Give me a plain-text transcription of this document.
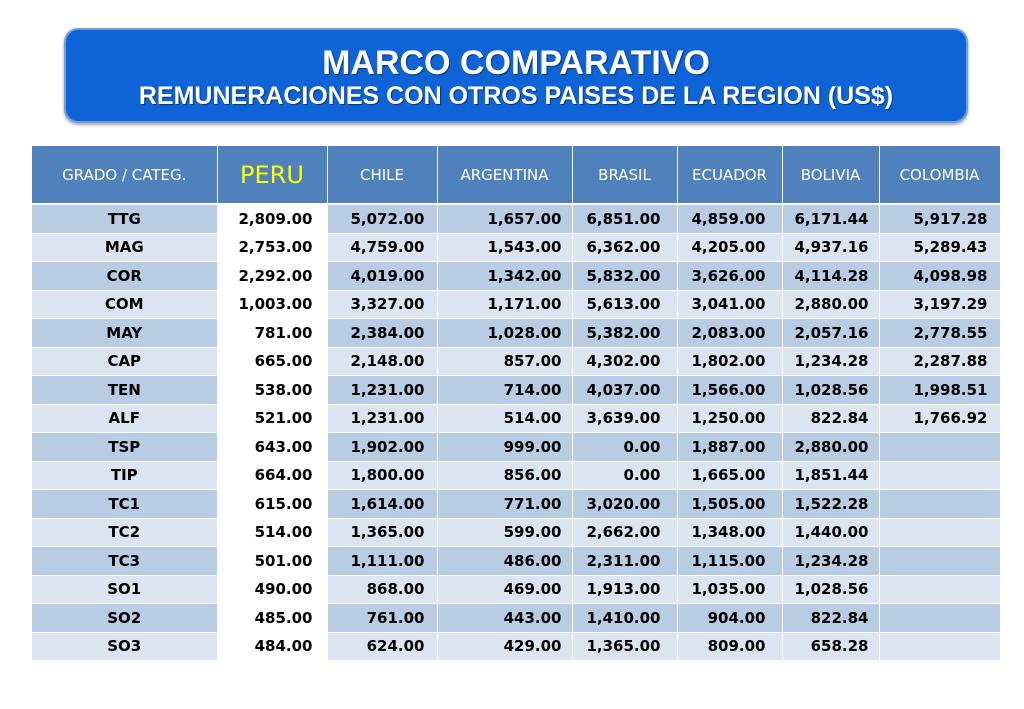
MARCO COMPARATIVO
REMUNERACIONES CON OTROS PAISES DE LA REGION (US$)
GRADO / CATEG.	PERU	CHILE	ARGENTINA	BRASIL	ECUADOR	BOLIVIA	COLOMBIA
TTG	2,809.00	5,072.00	1,657.00	6,851.00	4,859.00	6,171.44	5,917.28
MAG	2,753.00	4,759.00	1,543.00	6,362.00	4,205.00	4,937.16	5,289.43
COR	2,292.00	4,019.00	1,342.00	5,832.00	3,626.00	4,114.28	4,098.98
COM	1,003.00	3,327.00	1,171.00	5,613.00	3,041.00	2,880.00	3,197.29
MAY	781.00	2,384.00	1,028.00	5,382.00	2,083.00	2,057.16	2,778.55
CAP	665.00	2,148.00	857.00	4,302.00	1,802.00	1,234.28	2,287.88
TEN	538.00	1,231.00	714.00	4,037.00	1,566.00	1,028.56	1,998.51
ALF	521.00	1,231.00	514.00	3,639.00	1,250.00	822.84	1,766.92
TSP	643.00	1,902.00	999.00	0.00	1,887.00	2,880.00	
TIP	664.00	1,800.00	856.00	0.00	1,665.00	1,851.44	
TC1	615.00	1,614.00	771.00	3,020.00	1,505.00	1,522.28	
TC2	514.00	1,365.00	599.00	2,662.00	1,348.00	1,440.00	
TC3	501.00	1,111.00	486.00	2,311.00	1,115.00	1,234.28	
SO1	490.00	868.00	469.00	1,913.00	1,035.00	1,028.56	
SO2	485.00	761.00	443.00	1,410.00	904.00	822.84	
SO3	484.00	624.00	429.00	1,365.00	809.00	658.28	
